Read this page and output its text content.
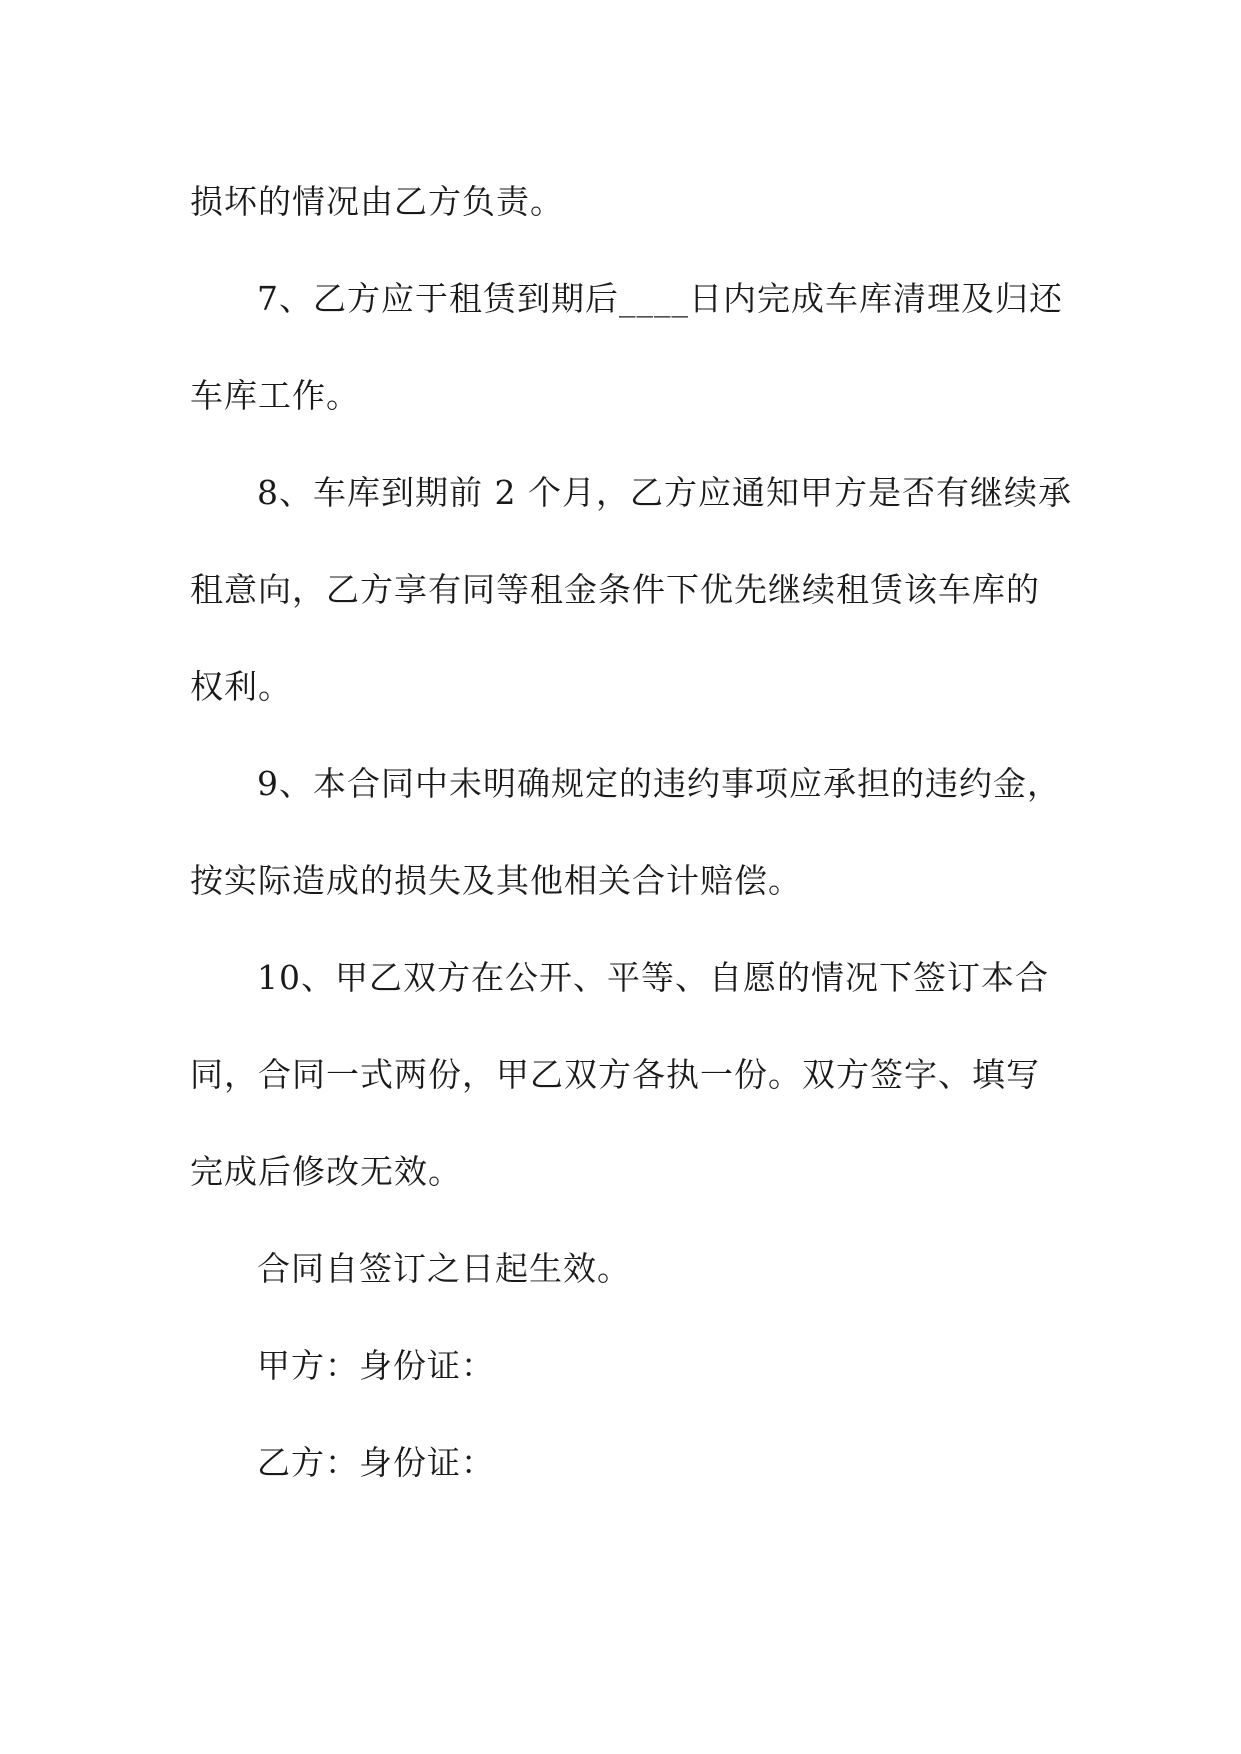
损坏的情况由乙方负责。
7、乙方应于租赁到期后____日内完成车库清理及归还
车库工作。
8、车库到期前 2 个月，乙方应通知甲方是否有继续承
租意向，乙方享有同等租金条件下优先继续租赁该车库的
权利。
9、本合同中未明确规定的违约事项应承担的违约金，
按实际造成的损失及其他相关合计赔偿。
10、甲乙双方在公开、平等、自愿的情况下签订本合
同，合同一式两份，甲乙双方各执一份。双方签字、填写
完成后修改无效。
合同自签订之日起生效。
甲方：身份证：
乙方：身份证：
